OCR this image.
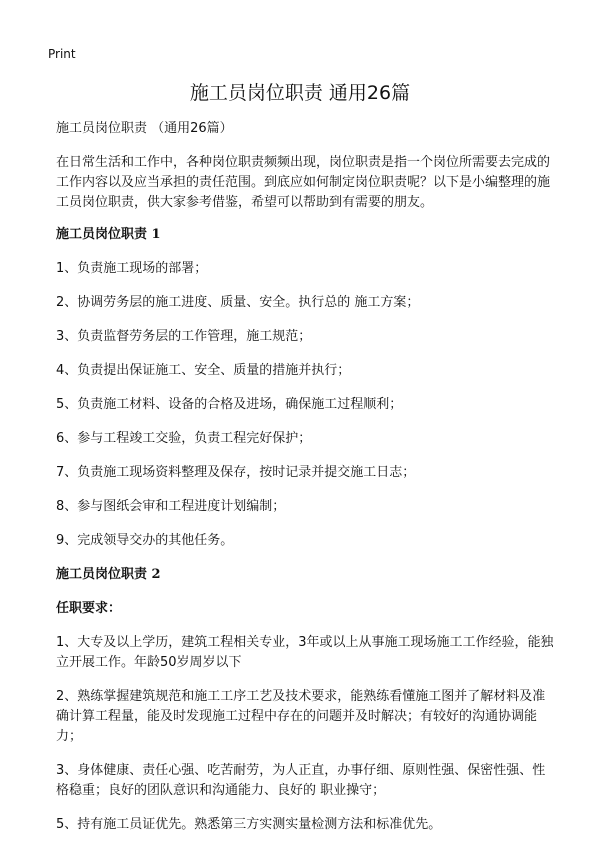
Print
施工员岗位职责 通用26篇

施工员岗位职责 （通用26篇）

在日常生活和工作中，各种岗位职责频频出现，岗位职责是指一个岗位所需要去完成的工作内容以及应当承担的责任范围。到底应如何制定岗位职责呢？以下是小编整理的施工员岗位职责，供大家参考借鉴，希望可以帮助到有需要的朋友。

施工员岗位职责 1

1、负责施工现场的部署；
2、协调劳务层的施工进度、质量、安全。执行总的 施工方案；
3、负责监督劳务层的工作管理，施工规范；
4、负责提出保证施工、安全、质量的措施并执行；
5、负责施工材料、设备的合格及进场，确保施工过程顺利；
6、参与工程竣工交验，负责工程完好保护；
7、负责施工现场资料整理及保存，按时记录并提交施工日志；
8、参与图纸会审和工程进度计划编制；
9、完成领导交办的其他任务。

施工员岗位职责 2

任职要求：

1、大专及以上学历，建筑工程相关专业，3年或以上从事施工现场施工工作经验，能独立开展工作。年龄50岁周岁以下
2、熟练掌握建筑规范和施工工序工艺及技术要求，能熟练看懂施工图并了解材料及准确计算工程量，能及时发现施工过程中存在的问题并及时解决；有较好的沟通协调能力；
3、身体健康、责任心强、吃苦耐劳，为人正直，办事仔细、原则性强、保密性强、性格稳重；良好的团队意识和沟通能力、良好的 职业操守；
5、持有施工员证优先。熟悉第三方实测实量检测方法和标准优先。
